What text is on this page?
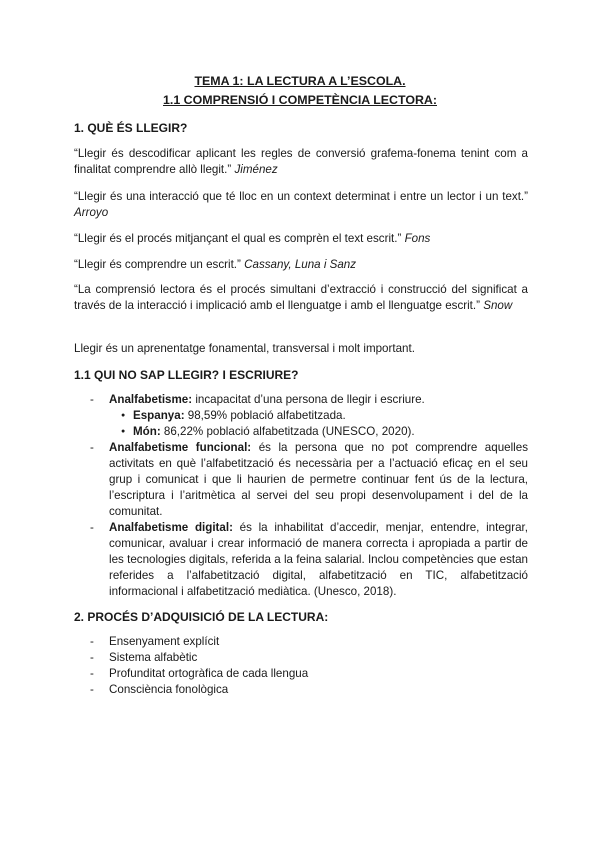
TEMA 1: LA LECTURA A L’ESCOLA.
1.1 COMPRENSIÓ I COMPETÈNCIA LECTORA:
1. QUÈ ÉS LLEGIR?
“Llegir és descodificar aplicant les regles de conversió grafema-fonema tenint com a finalitat comprendre allò llegit.” Jiménez
“Llegir és una interacció que té lloc en un context determinat i entre un lector i un text.” Arroyo
“Llegir és el procés mitjançant el qual es comprèn el text escrit.” Fons
“Llegir és comprendre un escrit.” Cassany, Luna i Sanz
“La comprensió lectora és el procés simultani d’extracció i construcció del significat a través de la interacció i implicació amb el llenguatge i amb el llenguatge escrit.” Snow
Llegir és un aprenentatge fonamental, transversal i molt important.
1.1 QUI NO SAP LLEGIR? I ESCRIURE?
- Analfabetisme: incapacitat d’una persona de llegir i escriure.
● Espanya: 98,59% població alfabetitzada.
● Món: 86,22% població alfabetitzada (UNESCO, 2020).
- Analfabetisme funcional: és la persona que no pot comprendre aquelles activitats en què l’alfabetització és necessària per a l’actuació eficaç en el seu grup i comunicat i que li haurien de permetre continuar fent ús de la lectura, l’escriptura i l’aritmètica al servei del seu propi desenvolupament i del de la comunitat.
- Analfabetisme digital: és la inhabilitat d’accedir, menjar, entendre, integrar, comunicar, avaluar i crear informació de manera correcta i apropiada a partir de les tecnologies digitals, referida a la feina salarial. Inclou competències que estan referides a l’alfabetització digital, alfabetització en TIC, alfabetització informacional i alfabetització mediàtica. (Unesco, 2018).
2. PROCÉS D’ADQUISICIÓ DE LA LECTURA:
- Ensenyament explícit
- Sistema alfabètic
- Profunditat ortogràfica de cada llengua
- Consciència fonològica
